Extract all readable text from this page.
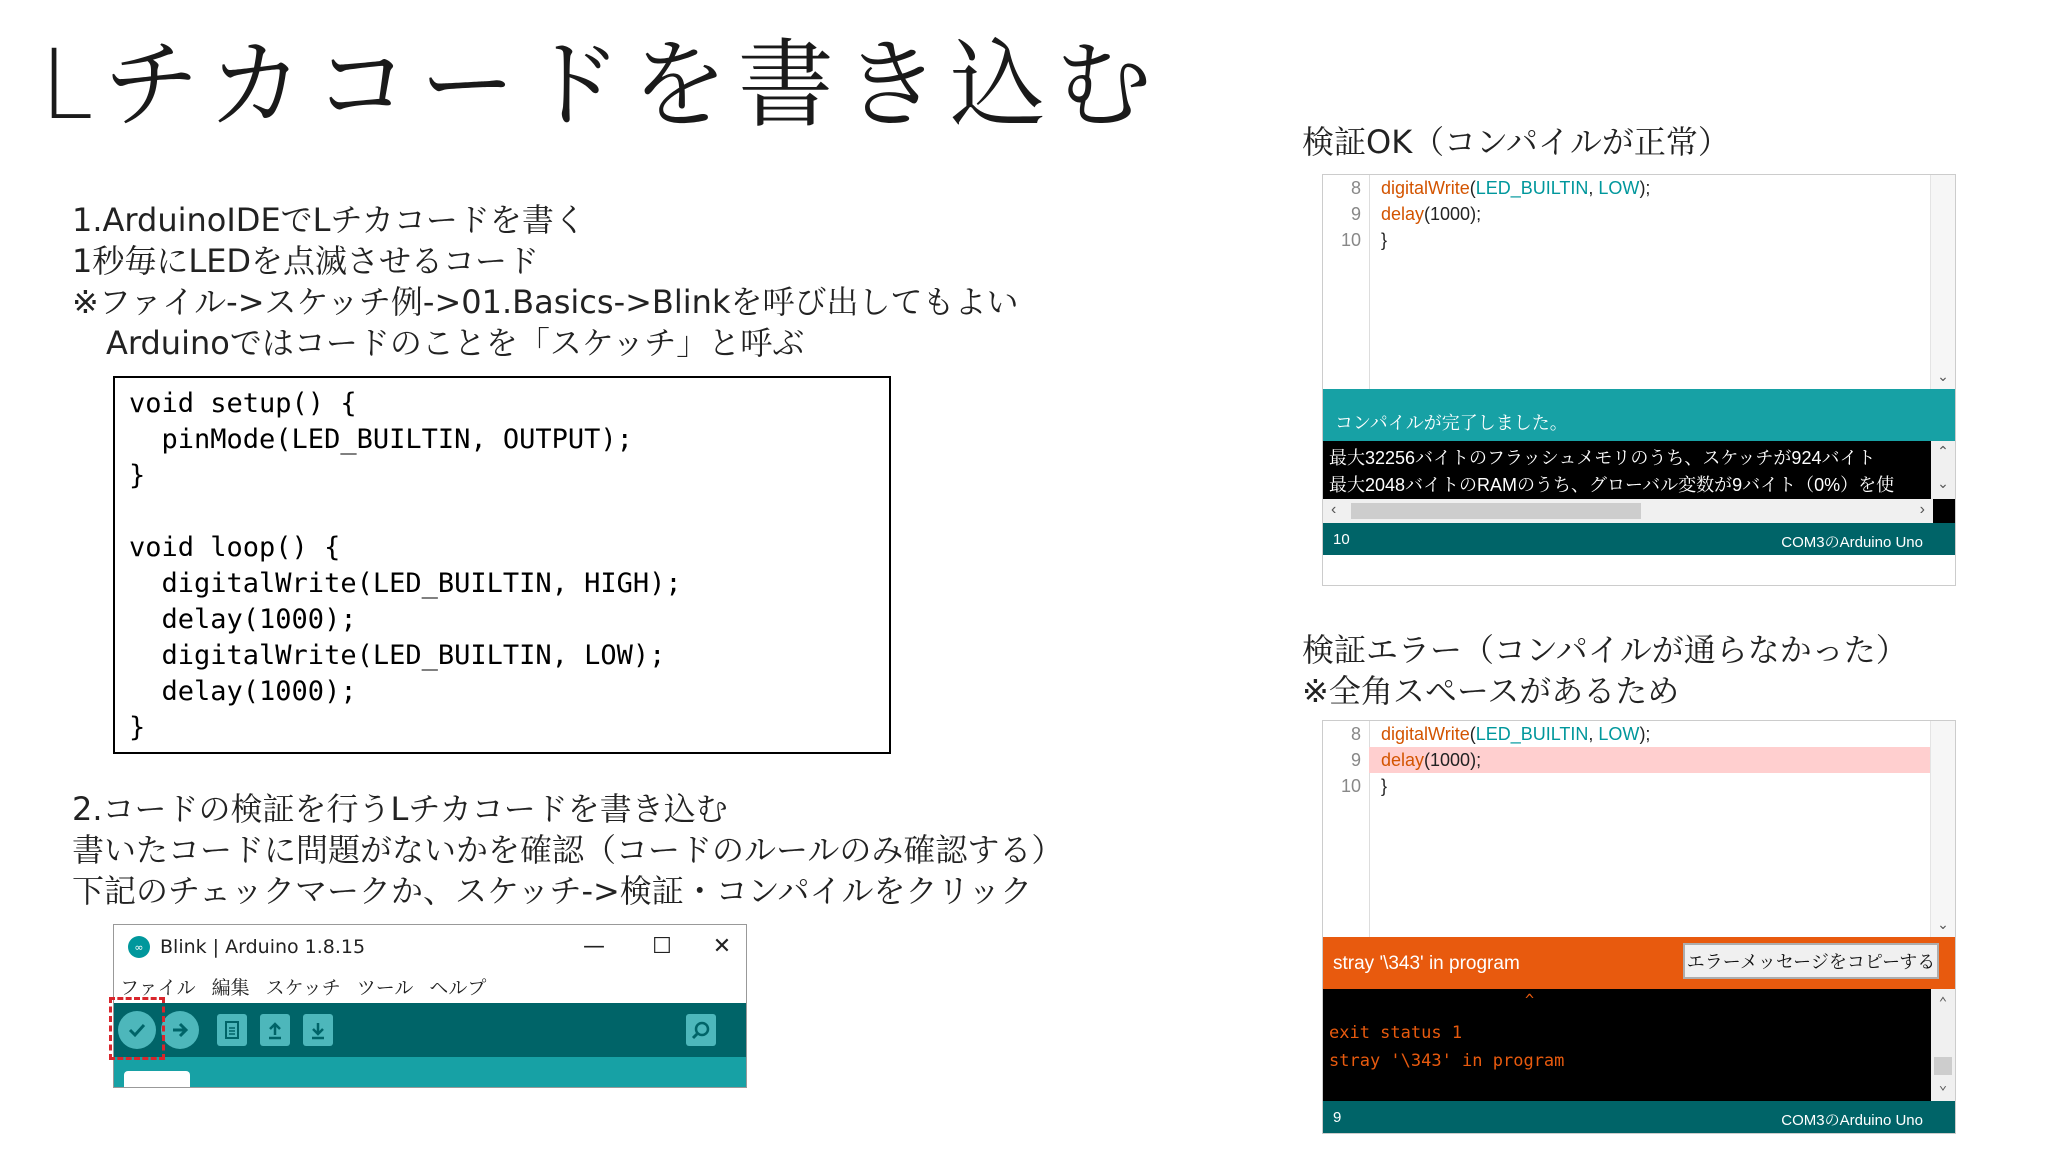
Lチカコードを書き込む
1.ArduinoIDEでLチカコードを書く
1秒毎にLEDを点滅させるコード
※ファイル->スケッチ例->01.Basics->Blinkを呼び出してもよい
Arduinoではコードのことを「スケッチ」と呼ぶ
void setup() {
pinMode(LED_BUILTIN, OUTPUT);
}
void loop() {
digitalWrite(LED_BUILTIN, HIGH);
delay(1000);
digitalWrite(LED_BUILTIN, LOW);
delay(1000);
}
2.コードの検証を行うLチカコードを書き込む
書いたコードに問題がないかを確認（コードのルールのみ確認する）
下記のチェックマークか、スケッチ->検証・コンパイルをクリック
∞ Blink | Arduino 1.8.15	—	☐	✕
ファイル 編集 スケッチ ツール ヘルプ
検証OK（コンパイルが正常）
8 digitalWrite(LED_BUILTIN, LOW);
9 delay(1000);
10 }
⌄
コンパイルが完了しました。
最大32256バイトのフラッシュメモリのうち、スケッチが924バイト
最大2048バイトのRAMのうち、グローバル変数が9バイト（0%）を使
⌃
⌄
‹	›
10	COM3のArduino Uno
検証エラー（コンパイルが通らなかった）
※全角スペースがあるため
8 digitalWrite(LED_BUILTIN, LOW);
9 delay(1000);
10 }
⌄
stray '\343' in program	エラーメッセージをコピーする
^
exit status 1
stray '\343' in program
⌃
⌄
9	COM3のArduino Uno
